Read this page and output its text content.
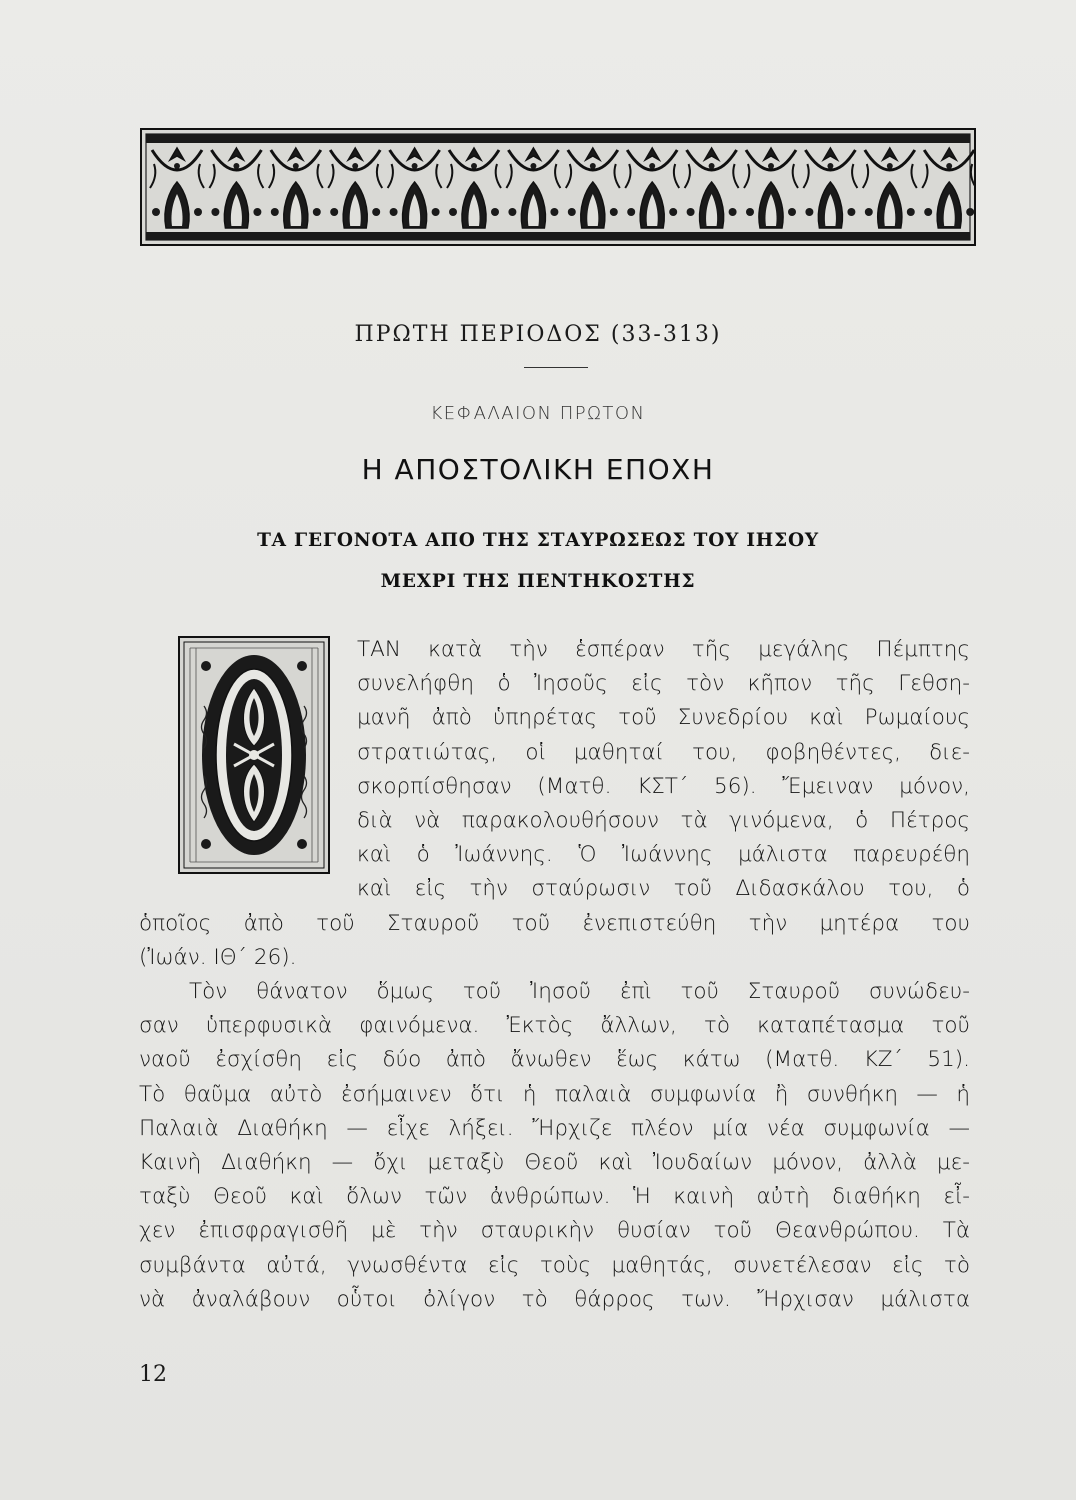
ΠΡΩΤΗ ΠΕΡΙΟΔΟΣ (33-313)
ΚΕΦΑΛΑΙΟΝ ΠΡΩΤΟΝ
Η ΑΠΟΣΤΟΛΙΚΗ ΕΠΟΧΗ
ΤΑ ΓΕΓΟΝΟΤΑ ΑΠΟ ΤΗΣ ΣΤΑΥΡΩΣΕΩΣ ΤΟΥ ΙΗΣΟΥ
ΜΕΧΡΙ ΤΗΣ ΠΕΝΤΗΚΟΣΤΗΣ
ΤΑΝ κατὰ τὴν ἑσπέραν τῆς μεγάλης Πέμπτης
συνελήφθη ὁ Ἰησοῦς εἰς τὸν κῆπον τῆς Γεθση-
μανῆ ἀπὸ ὑπηρέτας τοῦ Συνεδρίου καὶ Ρωμαίους
στρατιώτας, οἱ μαθηταί του, φοβηθέντες, διε-
σκορπίσθησαν (Ματθ. ΚΣΤ΄ 56). Ἔμειναν μόνον,
διὰ νὰ παρακολουθήσουν τὰ γινόμενα, ὁ Πέτρος
καὶ ὁ Ἰωάννης. Ὁ Ἰωάννης μάλιστα παρευρέθη
καὶ εἰς τὴν σταύρωσιν τοῦ Διδασκάλου του, ὁ
ὁποῖος ἀπὸ τοῦ Σταυροῦ τοῦ ἐνεπιστεύθη τὴν μητέρα του
(Ἰωάν. ΙΘ΄ 26).
Τὸν θάνατον ὅμως τοῦ Ἰησοῦ ἐπὶ τοῦ Σταυροῦ συνώδευ-
σαν ὑπερφυσικὰ φαινόμενα. Ἐκτὸς ἄλλων, τὸ καταπέτασμα τοῦ
ναοῦ ἐσχίσθη εἰς δύο ἀπὸ ἄνωθεν ἕως κάτω (Ματθ. ΚΖ΄ 51).
Τὸ θαῦμα αὐτὸ ἐσήμαινεν ὅτι ἡ παλαιὰ συμφωνία ἢ συνθήκη — ἡ
Παλαιὰ Διαθήκη — εἶχε λήξει. Ἤρχιζε πλέον μία νέα συμφωνία —
Καινὴ Διαθήκη — ὄχι μεταξὺ Θεοῦ καὶ Ἰουδαίων μόνον, ἀλλὰ με-
ταξὺ Θεοῦ καὶ ὅλων τῶν ἀνθρώπων. Ἡ καινὴ αὐτὴ διαθήκη εἶ-
χεν ἐπισφραγισθῆ μὲ τὴν σταυρικὴν θυσίαν τοῦ Θεανθρώπου. Τὰ
συμβάντα αὐτά, γνωσθέντα εἰς τοὺς μαθητάς, συνετέλεσαν εἰς τὸ
νὰ ἀναλάβουν οὗτοι ὀλίγον τὸ θάρρος των. Ἤρχισαν μάλιστα
12
